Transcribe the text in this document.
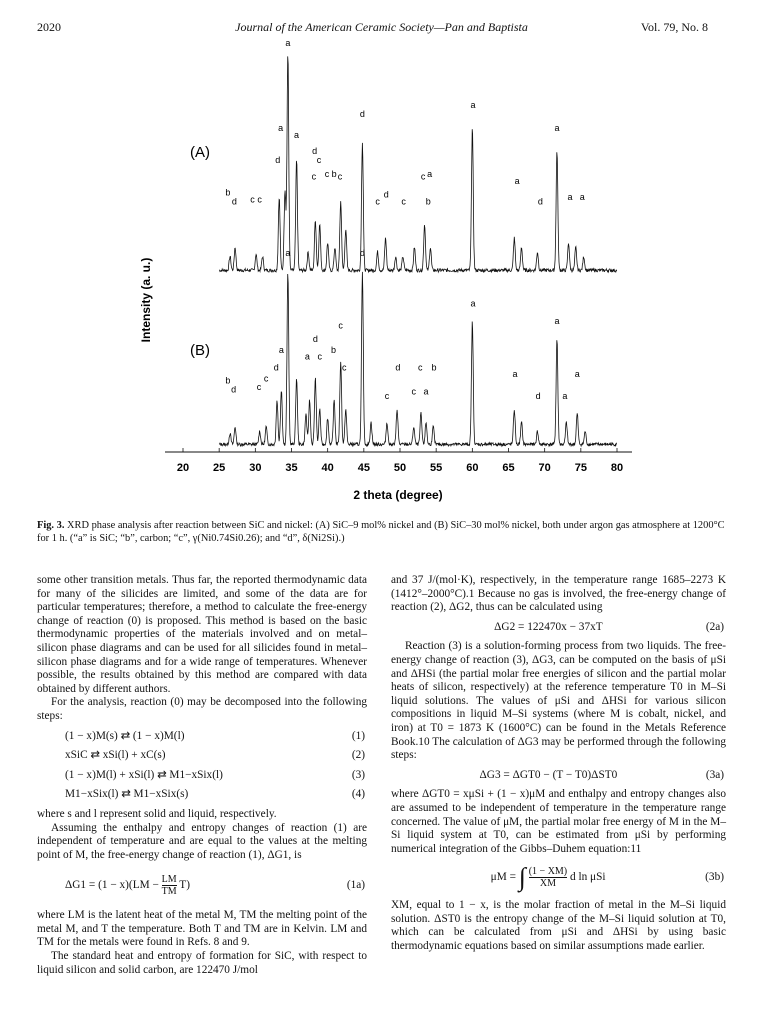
2020	Journal of the American Ceramic Society—Pan and Baptista	Vol. 79, No. 8
a
a
a
d
d
c
c c b c
d
b
d c c	c
d
c
c a
b
a
a
d
a
a a
a	d
a
a
c
d
a
a c
b
c
d
c
c
b
d
d c b
c c a
a
d
a
a
20 25 30 35 40 45 50 55 60 65 70 75 80
(A)
(B)
Intensity (a. u.)
2 theta (degree)
Fig. 3. XRD phase analysis after reaction between SiC and nickel: (A) SiC–9 mol% nickel and (B) SiC–30 mol% nickel, both under argon gas atmosphere at 1200°C for 1 h. (“a” is SiC; “b”, carbon; “c”, γ(Ni0.74Si0.26); and “d”, δ(Ni2Si).)

some other transition metals. Thus far, the reported thermodynamic data for many of the silicides are limited, and some of the data are for particular temperatures; therefore, a method to calculate the free-energy change of reaction (0) is proposed. This method is based on the basic thermodynamic properties of the materials involved and on metal–silicon phase diagrams and can be used for all silicides found in metal–silicon phase diagrams and for a wide range of temperatures. Whenever possible, the results obtained by this method are compared with data obtained by different authors.

For the analysis, reaction (0) may be decomposed into the following steps:

(1 − x)M(s) ⇄ (1 − x)M(l)	(1)
xSiC ⇄ xSi(l) + xC(s)	(2)
(1 − x)M(l) + xSi(l) ⇄ M1−xSix(l)	(3)
M1−xSix(l) ⇄ M1−xSix(s)	(4)

where s and l represent solid and liquid, respectively.

Assuming the enthalpy and entropy changes of reaction (1) are independent of temperature and are equal to the values at the melting point of M, the free-energy change of reaction (1), ΔG1, is

$\Delta G1 = (1 - x)(LM - \frac{LM}{TM} T)$	(1a)

where LM is the latent heat of the metal M, TM the melting point of the metal M, and T the temperature. Both T and TM are in Kelvin. LM and TM for the metals were found in Refs. 8 and 9.

The standard heat and entropy of formation for SiC, with respect to liquid silicon and solid carbon, are 122470 J/mol

and 37 J/(mol·K), respectively, in the temperature range 1685–2273 K (1412°–2000°C).1 Because no gas is involved, the free-energy change of reaction (2), ΔG2, thus can be calculated using

ΔG2 = 122470x − 37xT	(2a)

Reaction (3) is a solution-forming process from two liquids. The free-energy change of reaction (3), ΔG3, can be computed on the basis of μSi and ΔHSi (the partial molar free energies of silicon and the partial molar heats of silicon, respectively) at the reference temperature T0 in M–Si liquid solutions. The values of μSi and ΔHSi for various silicon compositions in liquid M–Si systems (where M is cobalt, nickel, and iron) at T0 = 1873 K (1600°C) can be found in the Metals Reference Book.10 The calculation of ΔG3 may be performed through the following steps:

ΔG3 = ΔGT0 − (T − T0)ΔST0	(3a)

where ΔGT0 = xμSi + (1 − x)μM and enthalpy and entropy changes also are assumed to be independent of temperature in the temperature range concerned. The value of μM, the partial molar free energy of M in the M–Si liquid system at T0, can be estimated from μSi by performing numerical integration of the Gibbs–Duhem equation:11

μM = ∫ $\frac{(1 - XM)}{XM}$ d ln μSi	(3b)

XM, equal to 1 − x, is the molar fraction of metal in the M–Si liquid solution. ΔST0 is the entropy change of the M–Si liquid solution at T0, which can be calculated from μSi and ΔHSi by using basic thermodynamic equations based on similar assumptions made earlier.
